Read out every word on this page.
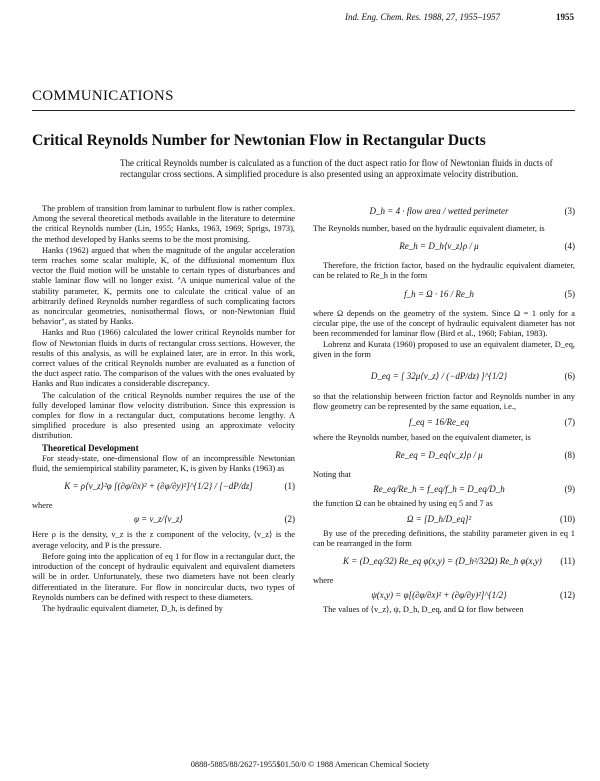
Ind. Eng. Chem. Res. 1988, 27, 1955–1957	1955
COMMUNICATIONS
Critical Reynolds Number for Newtonian Flow in Rectangular Ducts
The critical Reynolds number is calculated as a function of the duct aspect ratio for flow of Newtonian fluids in ducts of rectangular cross sections. A simplified procedure is also presented using an approximate velocity distribution.

The problem of transition from laminar to turbulent flow is rather complex. Among the several theoretical methods available in the literature to determine the critical Reynolds number (Lin, 1955; Hanks, 1963, 1969; Sprigs, 1973), the method developed by Hanks seems to be the most promising.

Hanks (1962) argued that when the magnitude of the angular acceleration term reaches some scalar multiple, K, of the diffusional momentum flux vector the fluid motion will be unstable to certain types of disturbances and stable laminar flow will no longer exist. "A unique numerical value of the stability parameter, K, permits one to calculate the critical value of an arbitrarily defined Reynolds number regardless of such complicating factors as noncircular geometries, nonisothermal flows, or non-Newtonian fluid behavior", as stated by Hanks.

Hanks and Ruo (1966) calculated the lower critical Reynolds number for flow of Newtonian fluids in ducts of rectangular cross sections. However, the results of this analysis, as will be explained later, are in error. In this work, correct values of the critical Reynolds number are evaluated as a function of the duct aspect ratio. The comparison of the values with the ones evaluated by Hanks and Ruo indicates a considerable discrepancy.

The calculation of the critical Reynolds number requires the use of the fully developed laminar flow velocity distribution. Since this expression is complex for flow in a rectangular duct, computations become lengthy. A simplified procedure is also presented using an approximate velocity distribution.

Theoretical Development

For steady-state, one-dimensional flow of an incompressible Newtonian fluid, the semiempirical stability parameter, K, is given by Hanks (1963) as

K = ρ⟨v_z⟩²φ [(∂φ/∂x)² + (∂φ/∂y)²]^{1/2} / [−dP/dz]	(1)

where

φ = v_z/⟨v_z⟩	(2)

Here ρ is the density, v_z is the z component of the velocity, ⟨v_z⟩ is the average velocity, and P is the pressure.

Before going into the application of eq 1 for flow in a rectangular duct, the introduction of the concept of hydraulic equivalent and equivalent diameters will be in order. Unfortunately, these two diameters have not been clearly differentiated in the literature. For flow in noncircular ducts, two types of Reynolds numbers can be defined with respect to these diameters.

The hydraulic equivalent diameter, D_h, is defined by

D_h = 4 · flow area / wetted perimeter	(3)

The Reynolds number, based on the hydraulic equivalent diameter, is

Re_h = D_h⟨v_z⟩ρ / μ	(4)

Therefore, the friction factor, based on the hydraulic equivalent diameter, can be related to Re_h in the form

f_h = Ω · 16 / Re_h	(5)

where Ω depends on the geometry of the system. Since Ω = 1 only for a circular pipe, the use of the concept of hydraulic equivalent diameter has not been recommended for laminar flow (Bird et al., 1960; Fabian, 1983).

Lohrenz and Kurata (1960) proposed to use an equivalent diameter, D_eq, given in the form

D_eq = [ 32μ⟨v_z⟩ / (−dP/dz) ]^{1/2}	(6)

so that the relationship between friction factor and Reynolds number in any flow geometry can be represented by the same equation, i.e.,

f_eq = 16/Re_eq	(7)

where the Reynolds number, based on the equivalent diameter, is

Re_eq = D_eq⟨v_z⟩ρ / μ	(8)

Noting that

Re_eq/Re_h = f_eq/f_h = D_eq/D_h	(9)

the function Ω can be obtained by using eq 5 and 7 as

Ω = [D_h/D_eq]²	(10)

By use of the preceding definitions, the stability parameter given in eq 1 can be rearranged in the form

K = (D_eq/32) Re_eq φ(x,y) = (D_h²/32Ω) Re_h φ(x,y) (11)

where

ψ(x,y) = φ[(∂φ/∂x)² + (∂φ/∂y)²]^{1/2}	(12)

The values of ⟨v_z⟩, ψ, D_h, D_eq, and Ω for flow between

0888-5885/88/2627-1955$01.50/0 © 1988 American Chemical Society
